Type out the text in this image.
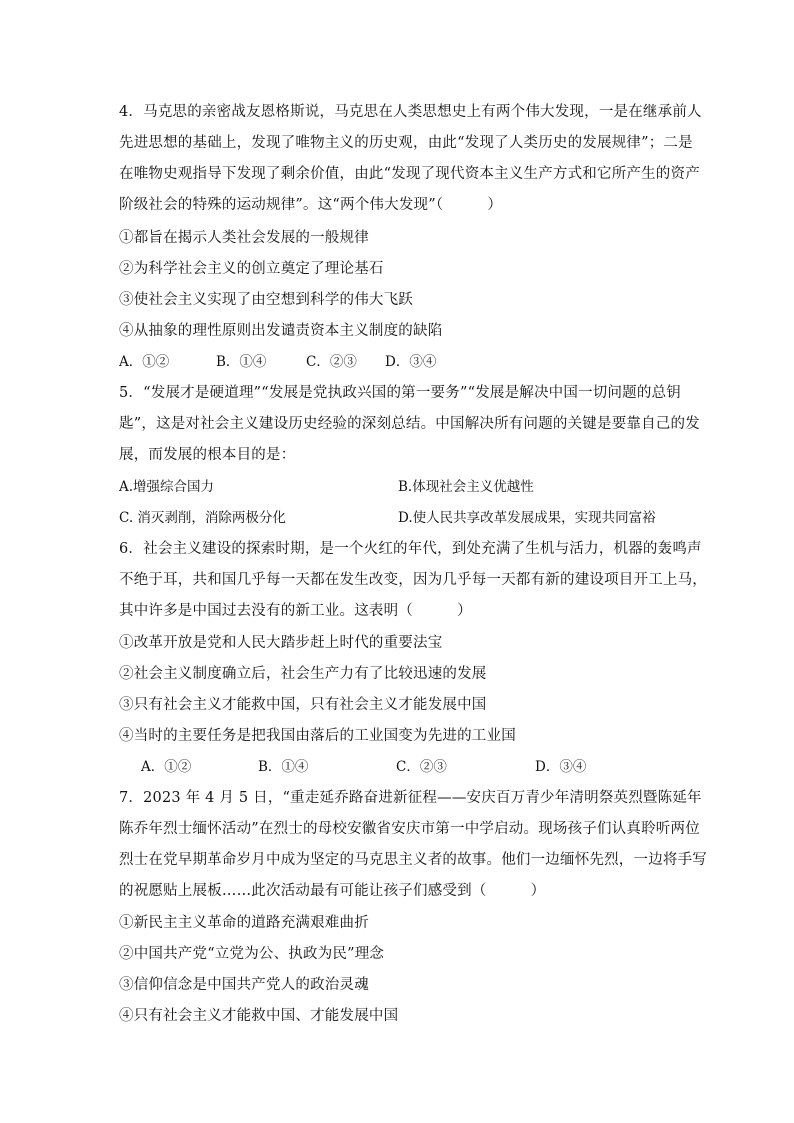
4．马克思的亲密战友恩格斯说，马克思在人类思想史上有两个伟大发现，一是在继承前人
先进思想的基础上，发现了唯物主义的历史观，由此“发现了人类历史的发展规律”；二是
在唯物史观指导下发现了剩余价值，由此“发现了现代资本主义生产方式和它所产生的资产
阶级社会的特殊的运动规律”。这“两个伟大发现”（　　　）
①都旨在揭示人类社会发展的一般规律
②为科学社会主义的创立奠定了理论基石
③使社会主义实现了由空想到科学的伟大飞跃
④从抽象的理性原则出发谴责资本主义制度的缺陷
A．①②	B．①④	C．②③ D．③④
5．“发展才是硬道理”“发展是党执政兴国的第一要务”“发展是解决中国一切问题的总钥
匙”，这是对社会主义建设历史经验的深刻总结。中国解决所有问题的关键是要靠自己的发
展，而发展的根本目的是：
A.增强综合国力	B.体现社会主义优越性
C. 消灭剥削，消除两极分化	D.使人民共享改革发展成果，实现共同富裕
6．社会主义建设的探索时期，是一个火红的年代，到处充满了生机与活力，机器的轰鸣声
不绝于耳，共和国几乎每一天都在发生改变，因为几乎每一天都有新的建设项目开工上马，
其中许多是中国过去没有的新工业。这表明（　　　）
①改革开放是党和人民大踏步赶上时代的重要法宝
②社会主义制度确立后，社会生产力有了比较迅速的发展
③只有社会主义才能救中国，只有社会主义才能发展中国
④当时的主要任务是把我国由落后的工业国变为先进的工业国
A．①②	B．①④	C．②③	D．③④
7．2023 年 4 月 5 日，“重走延乔路奋进新征程——安庆百万青少年清明祭英烈暨陈延年
陈乔年烈士缅怀活动”在烈士的母校安徽省安庆市第一中学启动。现场孩子们认真聆听两位
烈士在党早期革命岁月中成为坚定的马克思主义者的故事。他们一边缅怀先烈，一边将手写
的祝愿贴上展板……此次活动最有可能让孩子们感受到（　　　）
①新民主主义革命的道路充满艰难曲折
②中国共产党“立党为公、执政为民”理念
③信仰信念是中国共产党人的政治灵魂
④只有社会主义才能救中国、才能发展中国
